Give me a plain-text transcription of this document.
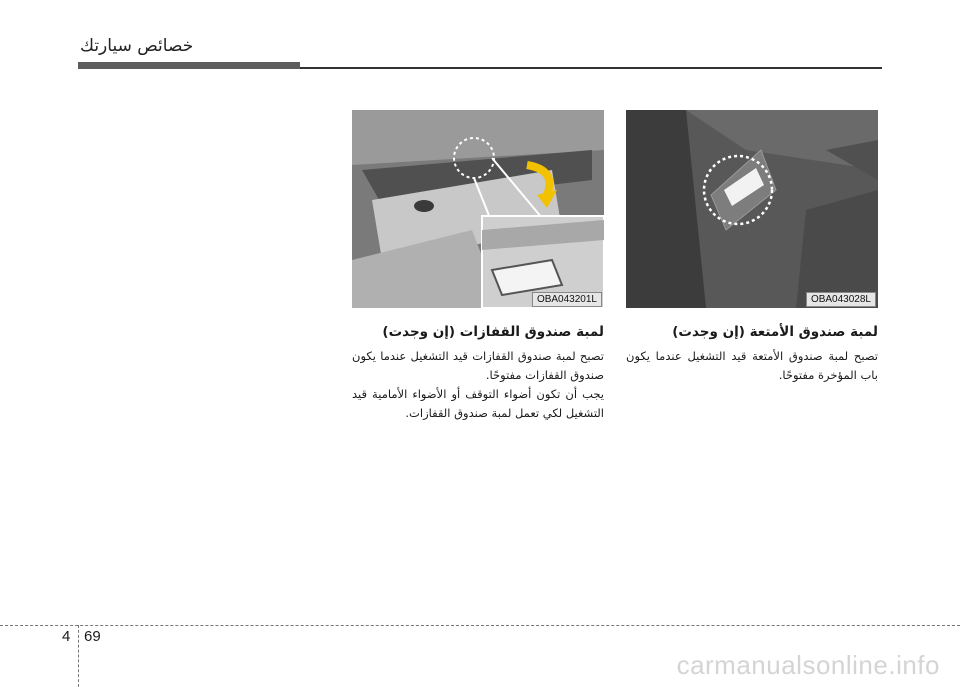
خصائص سيارتك
OBA043201L	OBA043028L

لمبة صندوق القفازات (إن وجدت)

تصبح لمبة صندوق القفازات قيد التشغيل عندما يكون صندوق القفازات مفتوحًا.

يجب أن تكون أضواء التوقف أو الأضواء الأمامية قيد التشغيل لكي تعمل لمبة صندوق القفازات.

لمبة صندوق الأمتعة (إن وجدت)

تصبح لمبة صندوق الأمتعة قيد التشغيل عندما يكون باب المؤخرة مفتوحًا.

4 69
carmanualsonline.info
